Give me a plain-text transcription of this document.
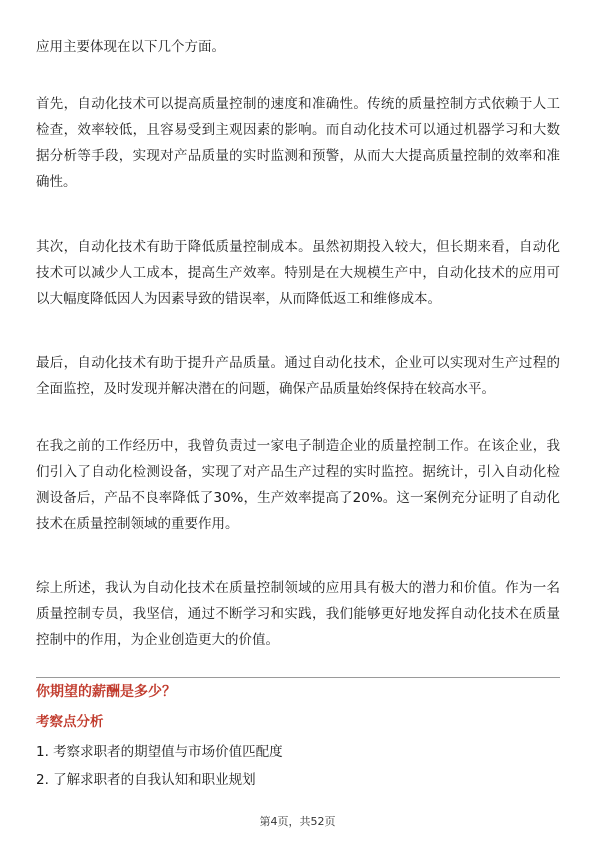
应用主要体现在以下几个方面。

首先，自动化技术可以提高质量控制的速度和准确性。传统的质量控制方式依赖于人工检查，效率较低，且容易受到主观因素的影响。而自动化技术可以通过机器学习和大数据分析等手段，实现对产品质量的实时监测和预警，从而大大提高质量控制的效率和准确性。

其次，自动化技术有助于降低质量控制成本。虽然初期投入较大，但长期来看，自动化技术可以减少人工成本，提高生产效率。特别是在大规模生产中，自动化技术的应用可以大幅度降低因人为因素导致的错误率，从而降低返工和维修成本。

最后，自动化技术有助于提升产品质量。通过自动化技术，企业可以实现对生产过程的全面监控，及时发现并解决潜在的问题，确保产品质量始终保持在较高水平。

在我之前的工作经历中，我曾负责过一家电子制造企业的质量控制工作。在该企业，我们引入了自动化检测设备，实现了对产品生产过程的实时监控。据统计，引入自动化检测设备后，产品不良率降低了30%，生产效率提高了20%。这一案例充分证明了自动化技术在质量控制领域的重要作用。

综上所述，我认为自动化技术在质量控制领域的应用具有极大的潜力和价值。作为一名质量控制专员，我坚信，通过不断学习和实践，我们能够更好地发挥自动化技术在质量控制中的作用，为企业创造更大的价值。

你期望的薪酬是多少？
考察点分析
1. 考察求职者的期望值与市场价值匹配度
2. 了解求职者的自我认知和职业规划
第4页，共52页
